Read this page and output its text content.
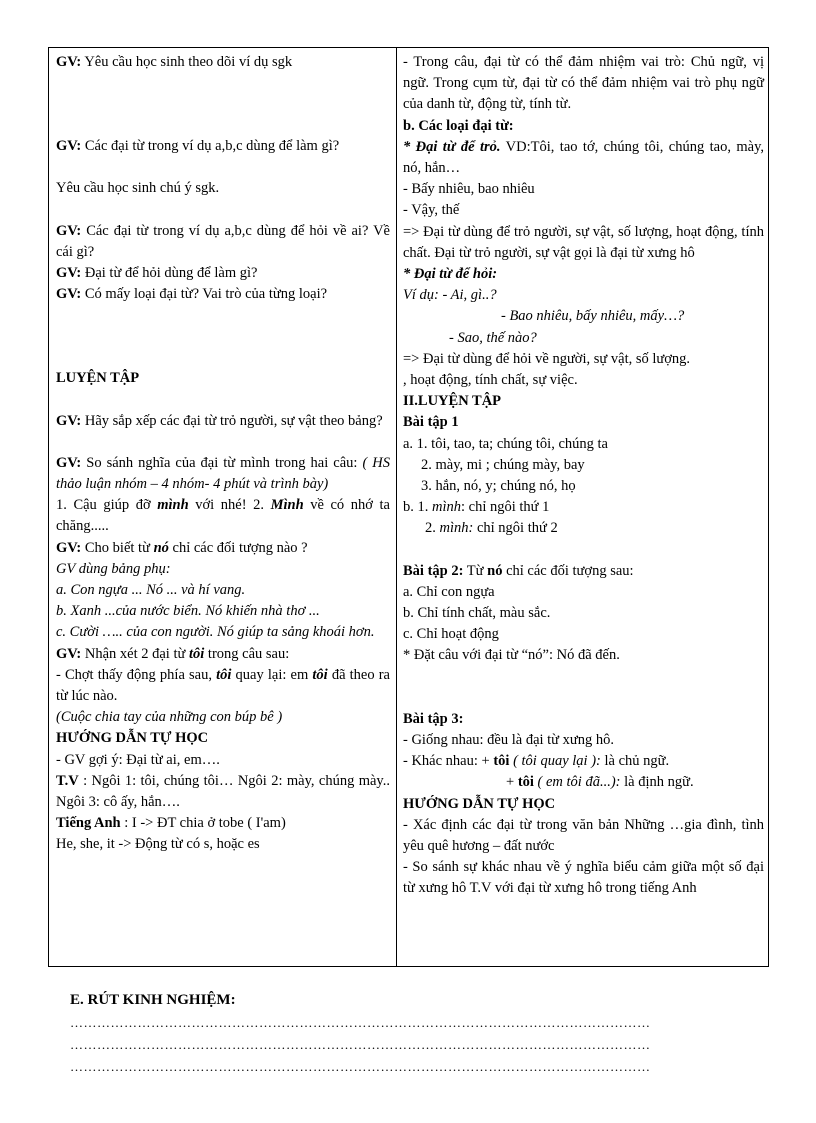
GV: Yêu cầu học sinh theo dõi ví dụ sgk

GV: Các đại từ trong ví dụ a,b,c dùng để làm gì?

Yêu cầu học sinh chú ý sgk.

GV: Các đại từ trong ví dụ a,b,c dùng để hỏi về ai? Về cái gì?

GV: Đại từ để hỏi dùng để làm gì?

GV: Có mấy loại đại từ? Vai trò của từng loại?

LUYỆN TẬP

GV: Hãy sắp xếp các đại từ trỏ người, sự vật theo bảng?

GV: So sánh nghĩa của đại từ mình trong hai câu: ( HS thảo luận nhóm – 4 nhóm- 4 phút và trình bày)

1. Cậu giúp đỡ mình với nhé! 2. Mình về có nhớ ta chăng.....

GV: Cho biết từ nó chỉ các đối tượng nào ?

GV dùng bảng phụ:

a. Con ngựa ... Nó ... và hí vang.

b. Xanh ...của nước biển. Nó khiến nhà thơ ...

c. Cười ….. của con người. Nó giúp ta sảng khoái hơn.

GV: Nhận xét 2 đại từ tôi trong câu sau:

- Chợt thấy động phía sau, tôi quay lại: em tôi đã theo ra từ lúc nào.

(Cuộc chia tay của những con búp bê )

HƯỚNG DẪN TỰ HỌC

- GV gợi ý: Đại từ ai, em….

T.V : Ngôi 1: tôi, chúng tôi… Ngôi 2: mày, chúng mày.. Ngôi 3: cô ấy, hắn….

Tiếng Anh : I -> ĐT chia ở tobe ( I'am)

He, she, it -> Động từ có s, hoặc es

- Trong câu, đại từ có thể đảm nhiệm vai trò: Chủ ngữ, vị ngữ. Trong cụm từ, đại từ có thể đảm nhiệm vai trò phụ ngữ của danh từ, động từ, tính từ.

b. Các loại đại từ:

* Đại từ để trỏ. VD:Tôi, tao tớ, chúng tôi, chúng tao, mày, nó, hắn…

- Bấy nhiêu, bao nhiêu

- Vậy, thế

=> Đại từ dùng để trỏ người, sự vật, số lượng, hoạt động, tính chất. Đại từ trỏ người, sự vật gọi là đại từ xưng hô

* Đại từ để hỏi:

Ví dụ: - Ai, gì..?

- Bao nhiêu, bấy nhiêu, mấy…?

- Sao, thế nào?

=> Đại từ dùng để hỏi về người, sự vật, số lượng.

, hoạt động, tính chất, sự việc.

II.LUYỆN TẬP

Bài tập 1

a. 1. tôi, tao, ta; chúng tôi, chúng ta

2. mày, mi ; chúng mày, bay

3. hắn, nó, y; chúng nó, họ

b. 1. mình: chỉ ngôi thứ 1

2. mình: chỉ ngôi thứ 2

Bài tập 2: Từ nó chỉ các đối tượng sau:

a. Chỉ con ngựa

b. Chỉ tính chất, màu sắc.

c. Chỉ hoạt động

* Đặt câu với đại từ “nó”: Nó đã đến.

Bài tập 3:

- Giống nhau: đều là đại từ xưng hô.

- Khác nhau: + tôi ( tôi quay lại ): là chủ ngữ.

+ tôi ( em tôi đã...): là định ngữ.

HƯỚNG DẪN TỰ HỌC

- Xác định các đại từ trong văn bản Những …gia đình, tình yêu quê hương – đất nước

- So sánh sự khác nhau về ý nghĩa biểu cảm giữa một số đại từ xưng hô T.V với đại từ xưng hô trong tiếng Anh

E. RÚT KINH NGHIỆM:
…………………………………………………………………………………………………………………
…………………………………………………………………………………………………………………
…………………………………………………………………………………………………………………
